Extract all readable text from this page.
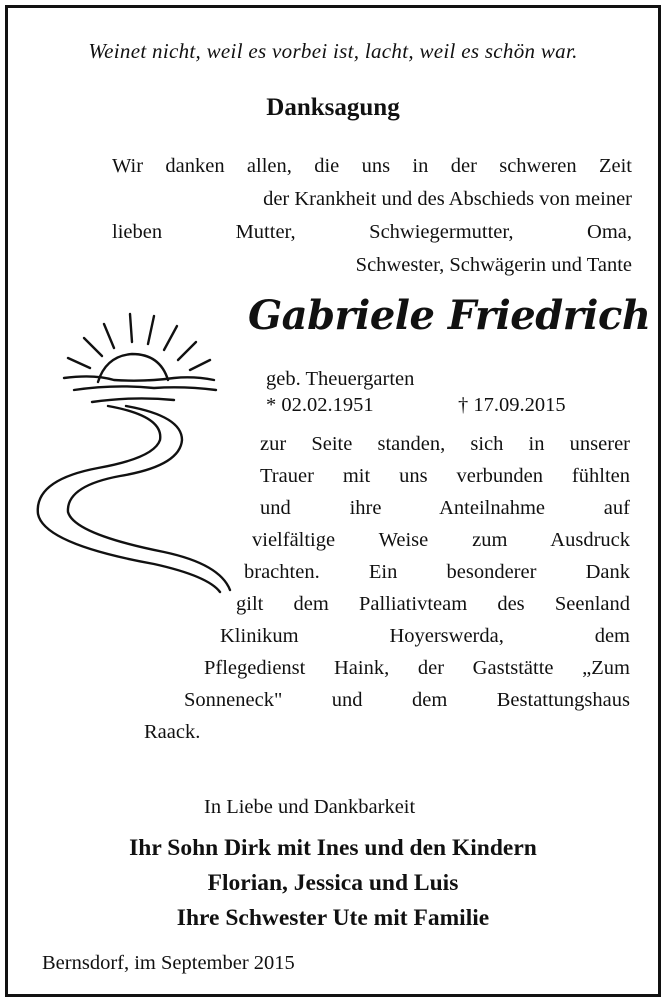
Weinet nicht, weil es vorbei ist, lacht, weil es schön war.
Danksagung
Wir danken allen, die uns in der schweren Zeit
der Krankheit und des Abschieds von meiner
lieben Mutter, Schwiegermutter, Oma,
Schwester, Schwägerin und Tante
Gabriele Friedrich
geb. Theuergarten
* 02.02.1951	† 17.09.2015
zur Seite standen, sich in unserer
Trauer mit uns verbunden fühlten
und ihre Anteilnahme auf
vielfältige Weise zum Ausdruck
brachten. Ein besonderer Dank
gilt dem Palliativteam des Seenland
Klinikum Hoyerswerda, dem
Pflegedienst Haink, der Gaststätte „Zum
Sonneneck" und dem Bestattungshaus
Raack.
In Liebe und Dankbarkeit
Ihr Sohn Dirk mit Ines und den Kindern
Florian, Jessica und Luis
Ihre Schwester Ute mit Familie
Bernsdorf, im September 2015
